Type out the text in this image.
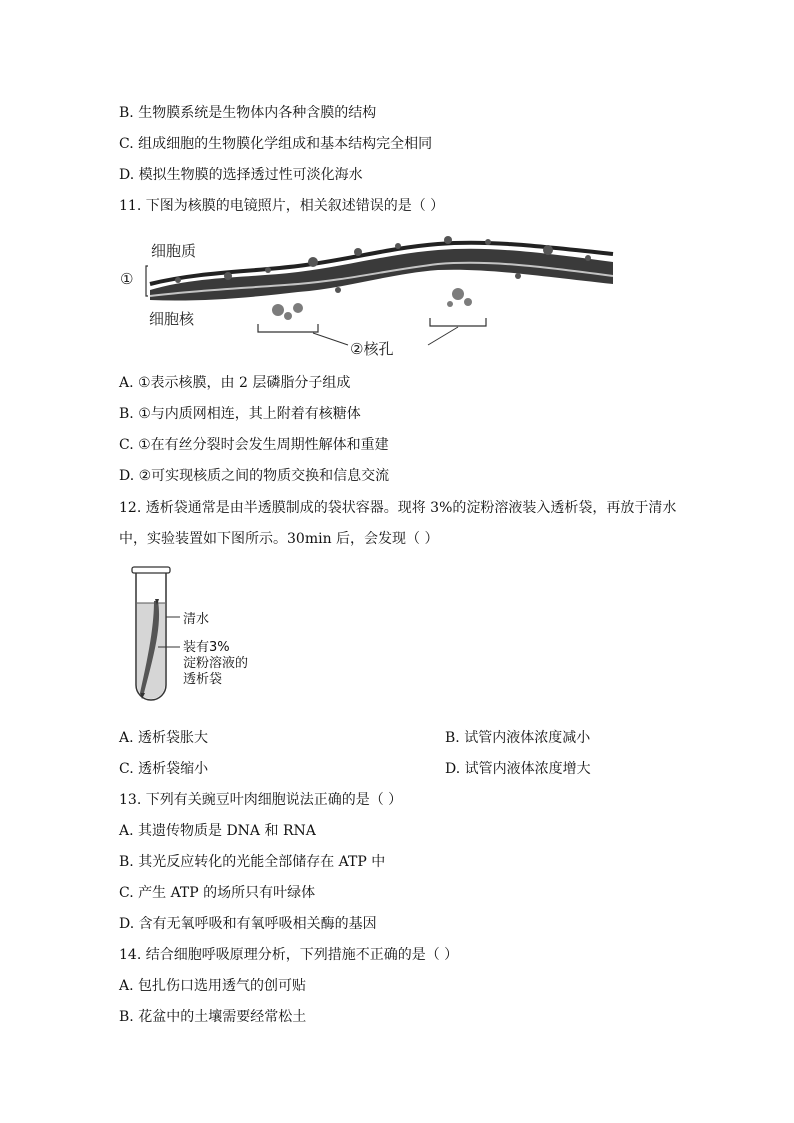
B. 生物膜系统是生物体内各种含膜的结构
C. 组成细胞的生物膜化学组成和基本结构完全相同
D. 模拟生物膜的选择透过性可淡化海水
11. 下图为核膜的电镜照片，相关叙述错误的是（ ）
细胞质
①
细胞核
②核孔
A. ①表示核膜，由 2 层磷脂分子组成
B. ①与内质网相连，其上附着有核糖体
C. ①在有丝分裂时会发生周期性解体和重建
D. ②可实现核质之间的物质交换和信息交流
12. 透析袋通常是由半透膜制成的袋状容器。现将 3%的淀粉溶液装入透析袋，再放于清水
中，实验装置如下图所示。30min 后，会发现（ ）
清水
装有3%
淀粉溶液的
透析袋
A. 透析袋胀大	B. 试管内液体浓度减小
C. 透析袋缩小	D. 试管内液体浓度增大
13. 下列有关豌豆叶肉细胞说法正确的是（ ）
A. 其遗传物质是 DNA 和 RNA
B. 其光反应转化的光能全部储存在 ATP 中
C. 产生 ATP 的场所只有叶绿体
D. 含有无氧呼吸和有氧呼吸相关酶的基因
14. 结合细胞呼吸原理分析，下列措施不正确的是（ ）
A. 包扎伤口选用透气的创可贴
B. 花盆中的土壤需要经常松土
